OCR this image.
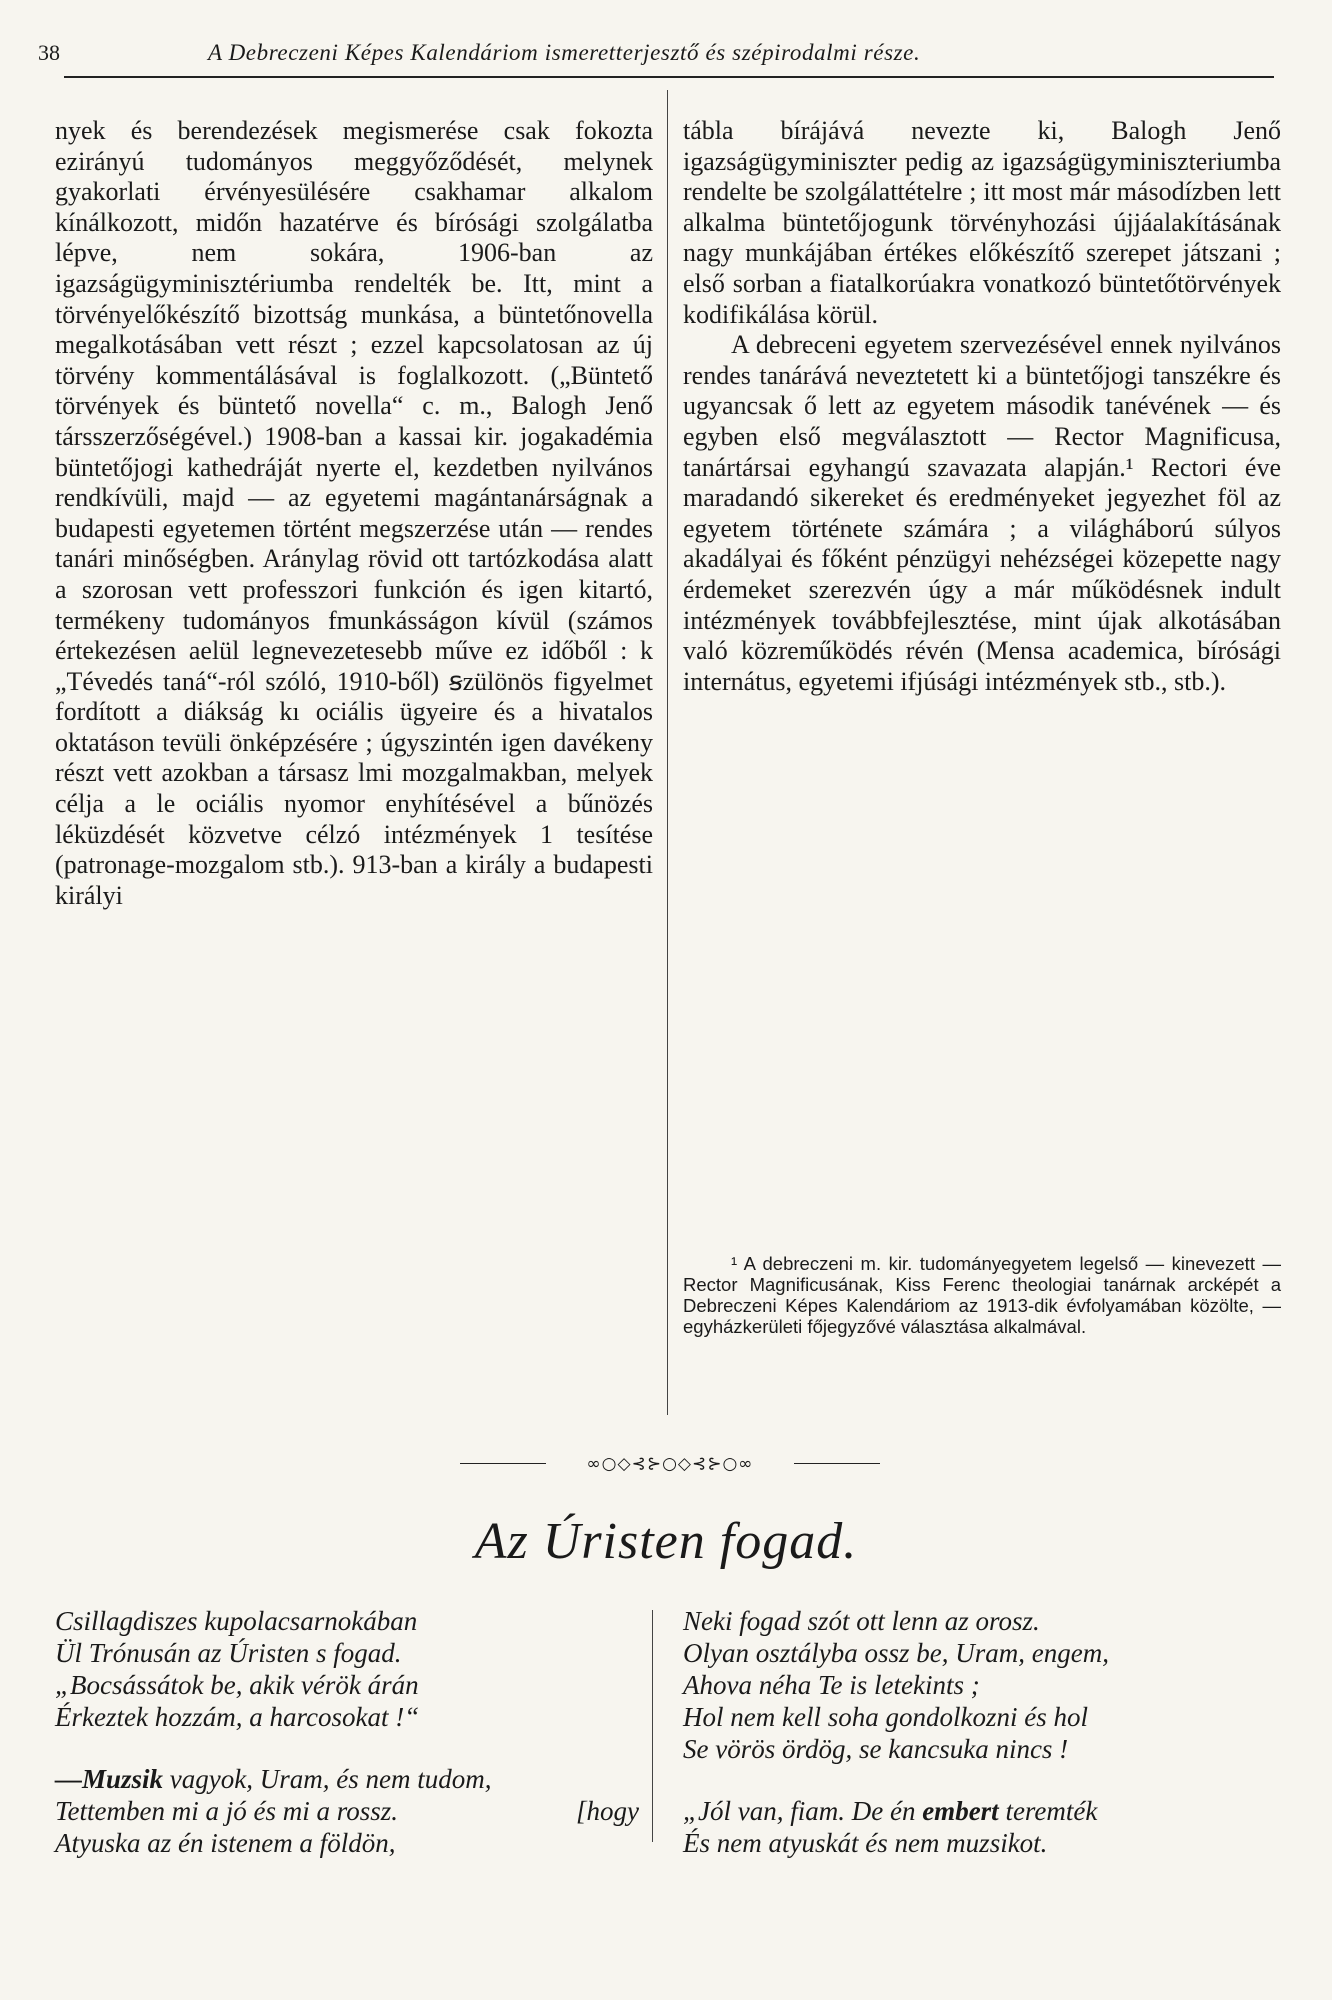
38	A Debreczeni Képes Kalendáriom ismeretterjesztő és szépirodalmi része.

nyek és berendezések megismerése csak fokozta ezirányú tudományos meggyőződését, melynek gyakorlati érvényesülésére csakhamar alkalom kínálkozott, midőn hazatérve és bírósági szolgálatba lépve, nem sokára, 1906-ban az igazságügyminisztériumba rendelték be. Itt, mint a törvényelőkészítő bizottság munkása, a büntetőnovella megalkotásában vett részt ; ezzel kapcsolatosan az új törvény kommentálásával is foglalkozott. („Büntető törvények és büntető novella“ c. m., Balogh Jenő társszerzőségével.) 1908-ban a kassai kir. jogakadémia büntetőjogi kathedráját nyerte el, kezdetben nyilvános rendkívüli, majd — az egyetemi magántanárságnak a budapesti egyetemen történt megszerzése után — rendes tanári minőségben. Aránylag rövid ott tartózkodása alatt a szorosan vett professzori funkción és igen kitartó, termékeny tudományos fmunkásságon kívül (számos értekezésen aelül legnevezetesebb műve ez időből : k „Tévedés taná“-ról szóló, 1910-ből) ꞩzülönös figyelmet fordított a diákság kı ociális ügyeire és a hivatalos oktatáson tevüli önképzésére ; úgyszintén igen davékeny részt vett azokban a társasz lmi mozgalmakban, melyek célja a le ociális nyomor enyhítésével a bűnözés léküzdését közvetve célzó intézmények 1 tesítése (patronage-mozgalom stb.). 913-ban a király a budapesti királyi

tábla bírájává nevezte ki, Balogh Jenő igazságügyminiszter pedig az igazságügyminiszteriumba rendelte be szolgálattételre ; itt most már másodízben lett alkalma büntetőjogunk törvényhozási újjáalakításának nagy munkájában értékes előkészítő szerepet játszani ; első sorban a fiatalkorúakra vonatkozó büntetőtörvények kodifikálása körül.

A debreceni egyetem szervezésével ennek nyilvános rendes tanárává neveztetett ki a büntetőjogi tanszékre és ugyancsak ő lett az egyetem második tanévének — és egyben első megválasztott — Rector Magnificusa, tanártársai egyhangú szavazata alapján.¹ Rectori éve maradandó sikereket és eredményeket jegyezhet föl az egyetem története számára ; a világháború súlyos akadályai és főként pénzügyi nehézségei közepette nagy érdemeket szerezvén úgy a már működésnek indult intézmények továbbfejlesztése, mint újak alkotásában való közreműködés révén (Mensa academica, bírósági internátus, egyetemi ifjúsági intézmények stb., stb.).

¹ A debreczeni m. kir. tudományegyetem legelső — kinevezett —Rector Magnificusának, Kiss Ferenc theologiai tanárnak arcképét a Debreczeni Képes Kalendáriom az 1913-dik évfolyamában közölte, — egyházkerületi főjegyzővé választása alkalmával.
∞○◇⊰⊱○◇⊰⊱○∞
Az Úristen fogad.
Csillagdiszes kupolacsarnokában
Ül Trónusán az Úristen s fogad.
„Bocsássátok be, akik vérök árán
Érkeztek hozzám, a harcosokat !“
—Muzsik vagyok, Uram, és nem tudom,
Tettemben mi a jó és mi a rossz.	[hogy
Atyuska az én istenem a földön,
Neki fogad szót ott lenn az orosz.
Olyan osztályba ossz be, Uram, engem,
Ahova néha Te is letekints ;
Hol nem kell soha gondolkozni és hol
Se vörös ördög, se kancsuka nincs !
„Jól van, fiam. De én embert teremték
És nem atyuskát és nem muzsikot.
